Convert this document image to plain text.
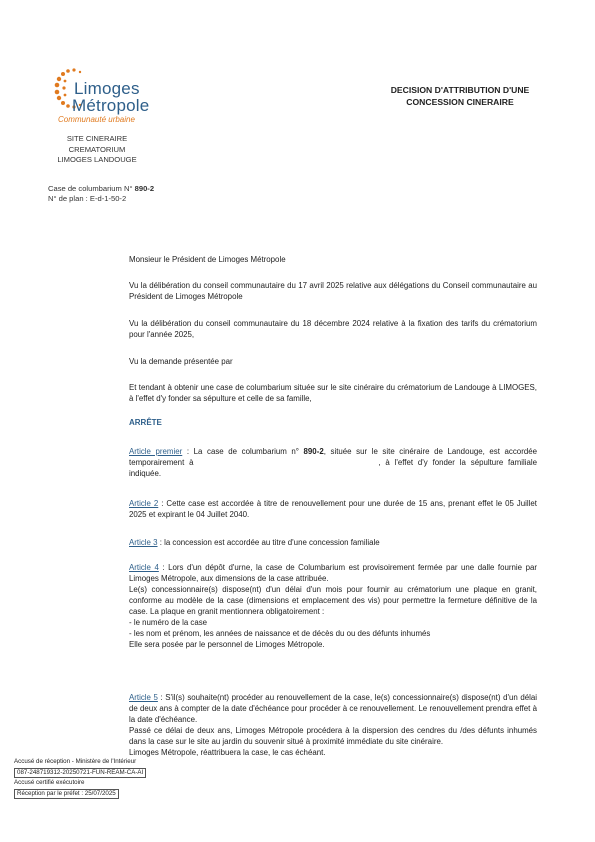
Limoges
Métropole
Communauté urbaine
DECISION D'ATTRIBUTION D'UNE
CONCESSION CINERAIRE
SITE CINERAIRE
CREMATORIUM
LIMOGES LANDOUGE
Case de columbarium N° 890-2
N° de plan : E-d-1-50-2
Monsieur le Président de Limoges Métropole
Vu la délibération du conseil communautaire du 17 avril 2025 relative aux délégations du Conseil communautaire au Président de Limoges Métropole
Vu la délibération du conseil communautaire du 18 décembre 2024 relative à la fixation des tarifs du crématorium pour l'année 2025,
Vu la demande présentée par
Et tendant à obtenir une case de columbarium située sur le site cinéraire du crématorium de Landouge à LIMOGES, à l'effet d'y fonder sa sépulture et celle de sa famille,
ARRÊTE
Article premier : La case de columbarium n° 890-2, située sur le site cinéraire de Landouge, est accordée temporairement à	, à l'effet d'y fonder la sépulture familiale indiquée.
Article 2 : Cette case est accordée à titre de renouvellement pour une durée de 15 ans, prenant effet le 05 Juillet 2025 et expirant le 04 Juillet 2040.
Article 3 : la concession est accordée au titre d'une concession familiale
Article 4 : Lors d'un dépôt d'urne, la case de Columbarium est provisoirement fermée par une dalle fournie par Limoges Métropole, aux dimensions de la case attribuée.
Le(s) concessionnaire(s) dispose(nt) d'un délai d'un mois pour fournir au crématorium une plaque en granit, conforme au modèle de la case (dimensions et emplacement des vis) pour permettre la fermeture définitive de la case. La plaque en granit mentionnera obligatoirement :
- le numéro de la case
- les nom et prénom, les années de naissance et de décès du ou des défunts inhumés
Elle sera posée par le personnel de Limoges Métropole.
Article 5 : S'il(s) souhaite(nt) procéder au renouvellement de la case, le(s) concessionnaire(s) dispose(nt) d'un délai de deux ans à compter de la date d'échéance pour procéder à ce renouvellement. Le renouvellement prendra effet à la date d'échéance.
Passé ce délai de deux ans, Limoges Métropole procédera à la dispersion des cendres du /des défunts inhumés dans la case sur le site au jardin du souvenir situé à proximité immédiate du site cinéraire.
Limoges Métropole, réattribuera la case, le cas échéant.
Accusé de réception - Ministère de l'Intérieur
087-248719312-20250721-FUN-REAM-CA-AI
Accusé certifié exécutoire
Réception par le préfet : 25/07/2025
